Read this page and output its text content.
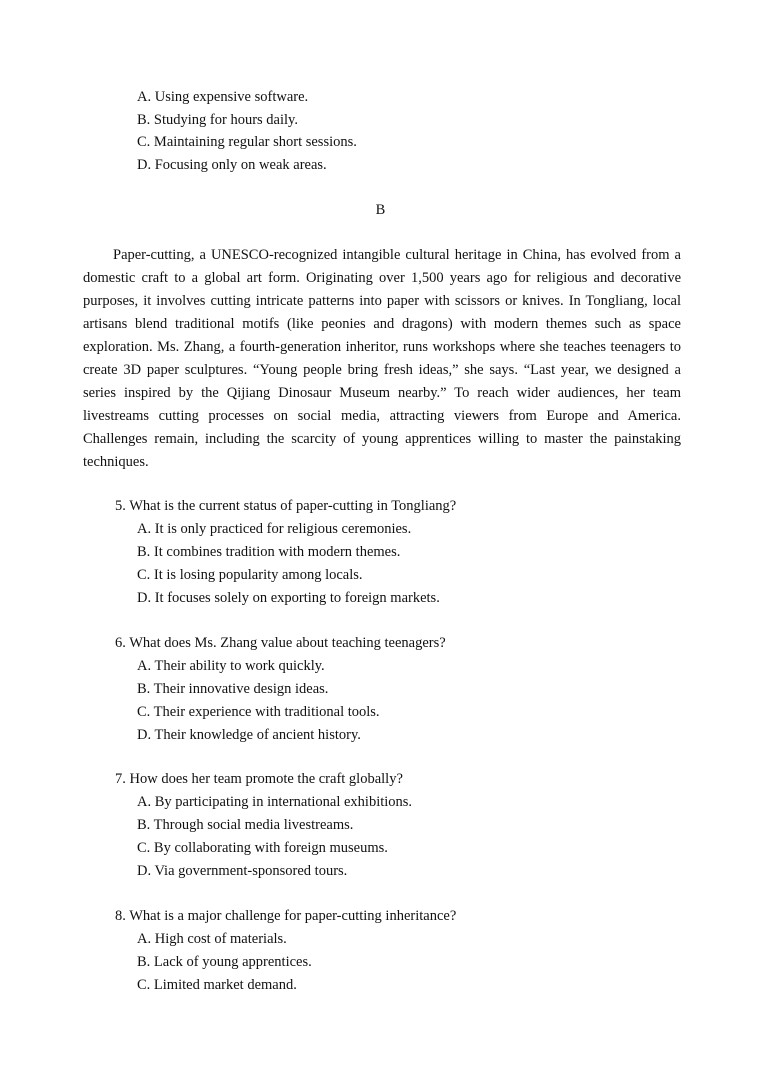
A. Using expensive software.
B. Studying for hours daily.
C. Maintaining regular short sessions.
D. Focusing only on weak areas.
B

Paper-cutting, a UNESCO-recognized intangible cultural heritage in China, has evolved from a domestic craft to a global art form. Originating over 1,500 years ago for religious and decorative purposes, it involves cutting intricate patterns into paper with scissors or knives. In Tongliang, local artisans blend traditional motifs (like peonies and dragons) with modern themes such as space exploration. Ms. Zhang, a fourth-generation inheritor, runs workshops where she teaches teenagers to create 3D paper sculptures. “Young people bring fresh ideas,” she says. “Last year, we designed a series inspired by the Qijiang Dinosaur Museum nearby.” To reach wider audiences, her team livestreams cutting processes on social media, attracting viewers from Europe and America. Challenges remain, including the scarcity of young apprentices willing to master the painstaking techniques.

5. What is the current status of paper-cutting in Tongliang?
A. It is only practiced for religious ceremonies.
B. It combines tradition with modern themes.
C. It is losing popularity among locals.
D. It focuses solely on exporting to foreign markets.
6. What does Ms. Zhang value about teaching teenagers?
A. Their ability to work quickly.
B. Their innovative design ideas.
C. Their experience with traditional tools.
D. Their knowledge of ancient history.
7. How does her team promote the craft globally?
A. By participating in international exhibitions.
B. Through social media livestreams.
C. By collaborating with foreign museums.
D. Via government-sponsored tours.
8. What is a major challenge for paper-cutting inheritance?
A. High cost of materials.
B. Lack of young apprentices.
C. Limited market demand.
